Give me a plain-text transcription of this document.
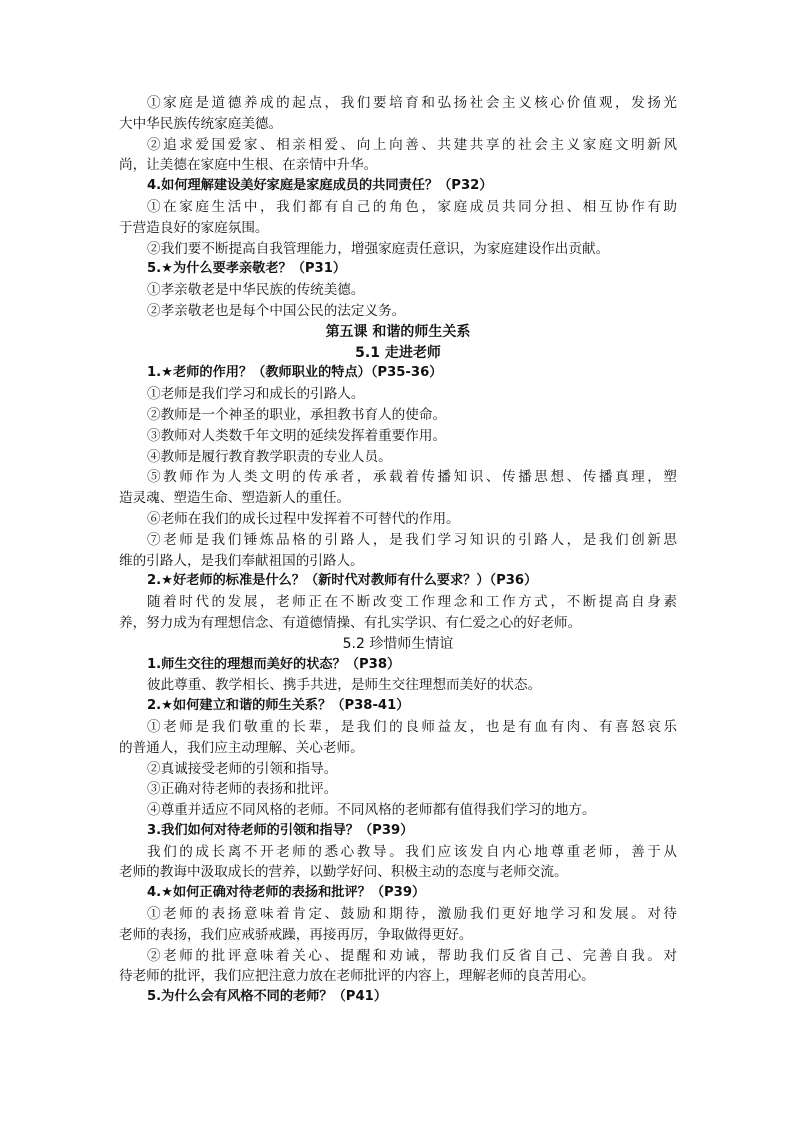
①家庭是道德养成的起点，我们要培育和弘扬社会主义核心价值观，发扬光
大中华民族传统家庭美德。
②追求爱国爱家、相亲相爱、向上向善、共建共享的社会主义家庭文明新风
尚，让美德在家庭中生根、在亲情中升华。
4.如何理解建设美好家庭是家庭成员的共同责任？（P32）
①在家庭生活中，我们都有自己的角色，家庭成员共同分担、相互协作有助
于营造良好的家庭氛围。
②我们要不断提高自我管理能力，增强家庭责任意识，为家庭建设作出贡献。
5.★为什么要孝亲敬老？（P31）
①孝亲敬老是中华民族的传统美德。
②孝亲敬老也是每个中国公民的法定义务。
第五课 和谐的师生关系
5.1 走进老师
1.★老师的作用？（教师职业的特点）（P35-36）
①老师是我们学习和成长的引路人。
②教师是一个神圣的职业，承担教书育人的使命。
③教师对人类数千年文明的延续发挥着重要作用。
④教师是履行教育教学职责的专业人员。
⑤教师作为人类文明的传承者，承载着传播知识、传播思想、传播真理，塑
造灵魂、塑造生命、塑造新人的重任。
⑥老师在我们的成长过程中发挥着不可替代的作用。
⑦老师是我们锤炼品格的引路人，是我们学习知识的引路人，是我们创新思
维的引路人，是我们奉献祖国的引路人。
2.★好老师的标准是什么？（新时代对教师有什么要求？）（P36）
随着时代的发展，老师正在不断改变工作理念和工作方式，不断提高自身素
养，努力成为有理想信念、有道德情操、有扎实学识、有仁爱之心的好老师。
5.2 珍惜师生情谊
1.师生交往的理想而美好的状态？（P38）
彼此尊重、教学相长、携手共进，是师生交往理想而美好的状态。
2.★如何建立和谐的师生关系？（P38-41）
①老师是我们敬重的长辈，是我们的良师益友，也是有血有肉、有喜怒哀乐
的普通人，我们应主动理解、关心老师。
②真诚接受老师的引领和指导。
③正确对待老师的表扬和批评。
④尊重并适应不同风格的老师。不同风格的老师都有值得我们学习的地方。
3.我们如何对待老师的引领和指导？（P39）
我们的成长离不开老师的悉心教导。我们应该发自内心地尊重老师，善于从
老师的教诲中汲取成长的营养，以勤学好问、积极主动的态度与老师交流。
4.★如何正确对待老师的表扬和批评？（P39）
①老师的表扬意味着肯定、鼓励和期待，激励我们更好地学习和发展。对待
老师的表扬，我们应戒骄戒躁，再接再厉，争取做得更好。
②老师的批评意味着关心、提醒和劝诫，帮助我们反省自己、完善自我。对
待老师的批评，我们应把注意力放在老师批评的内容上，理解老师的良苦用心。
5.为什么会有风格不同的老师？（P41）
